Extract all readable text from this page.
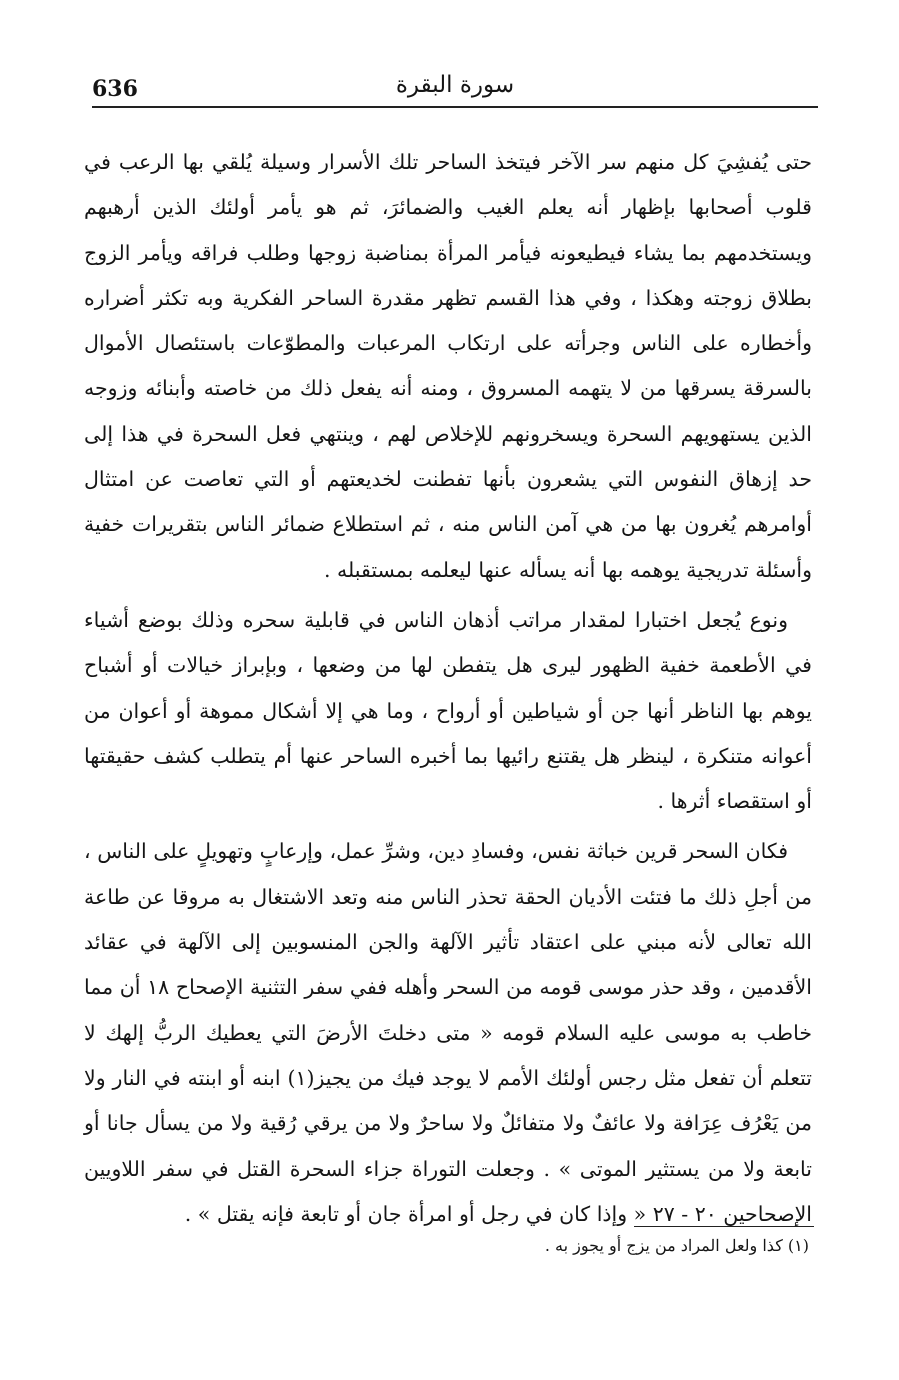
636	سورة البقرة

حتى يُفشِيَ كل منهم سر الآخر فيتخذ الساحر تلك الأسرار وسيلة يُلقي بها الرعب في قلوب أصحابها بإظهار أنه يعلم الغيب والضمائرَ، ثم هو يأمر أولئك الذين أرهبهم ويستخدمهم بما يشاء فيطيعونه فيأمر المرأة بمناضبة زوجها وطلب فراقه ويأمر الزوج بطلاق زوجته وهكذا ، وفي هذا القسم تظهر مقدرة الساحر الفكرية وبه تكثر أضراره وأخطاره على الناس وجرأته على ارتكاب المرعبات والمطوّعات باستئصال الأموال بالسرقة يسرقها من لا يتهمه المسروق ، ومنه أنه يفعل ذلك من خاصته وأبنائه وزوجه الذين يستهويهم السحرة ويسخرونهم للإخلاص لهم ، وينتهي فعل السحرة في هذا إلى حد إزهاق النفوس التي يشعرون بأنها تفطنت لخديعتهم أو التي تعاصت عن امتثال أوامرهم يُغرون بها من هي آمن الناس منه ، ثم استطلاع ضمائر الناس بتقريرات خفية وأسئلة تدريجية يوهمه بها أنه يسأله عنها ليعلمه بمستقبله .

ونوع يُجعل اختبارا لمقدار مراتب أذهان الناس في قابلية سحره وذلك بوضع أشياء في الأطعمة خفية الظهور ليرى هل يتفطن لها من وضعها ، وبإبراز خيالات أو أشباح يوهم بها الناظر أنها جن أو شياطين أو أرواح ، وما هي إلا أشكال مموهة أو أعوان من أعوانه متنكرة ، لينظر هل يقتنع رائيها بما أخبره الساحر عنها أم يتطلب كشف حقيقتها أو استقصاء أثرها .

فكان السحر قرين خباثة نفس، وفسادِ دين، وشرِّ عمل، وإرعابٍ وتهويلٍ على الناس ، من أجلِ ذلك ما فتئت الأديان الحقة تحذر الناس منه وتعد الاشتغال به مروقا عن طاعة الله تعالى لأنه مبني على اعتقاد تأثير الآلهة والجن المنسوبين إلى الآلهة في عقائد الأقدمين ، وقد حذر موسى قومه من السحر وأهله ففي سفر التثنية الإصحاح ١٨ أن مما خاطب به موسى عليه السلام قومه « متى دخلتَ الأرضَ التي يعطيك الربُّ إلهك لا تتعلم أن تفعل مثل رجس أولئك الأمم لا يوجد فيك من يجيز(١) ابنه أو ابنته في النار ولا من يَعْرُف عِرَافة ولا عائفٌ ولا متفائلٌ ولا ساحرٌ ولا من يرقي رُقية ولا من يسأل جانا أو تابعة ولا من يستثير الموتى » . وجعلت التوراة جزاء السحرة القتل في سفر اللاويين الإصحاحين ٢٠ - ٢٧ « وإذا كان في رجل أو امرأة جان أو تابعة فإنه يقتل » .

(١) كذا ولعل المراد من يزج أو يجوز به .
